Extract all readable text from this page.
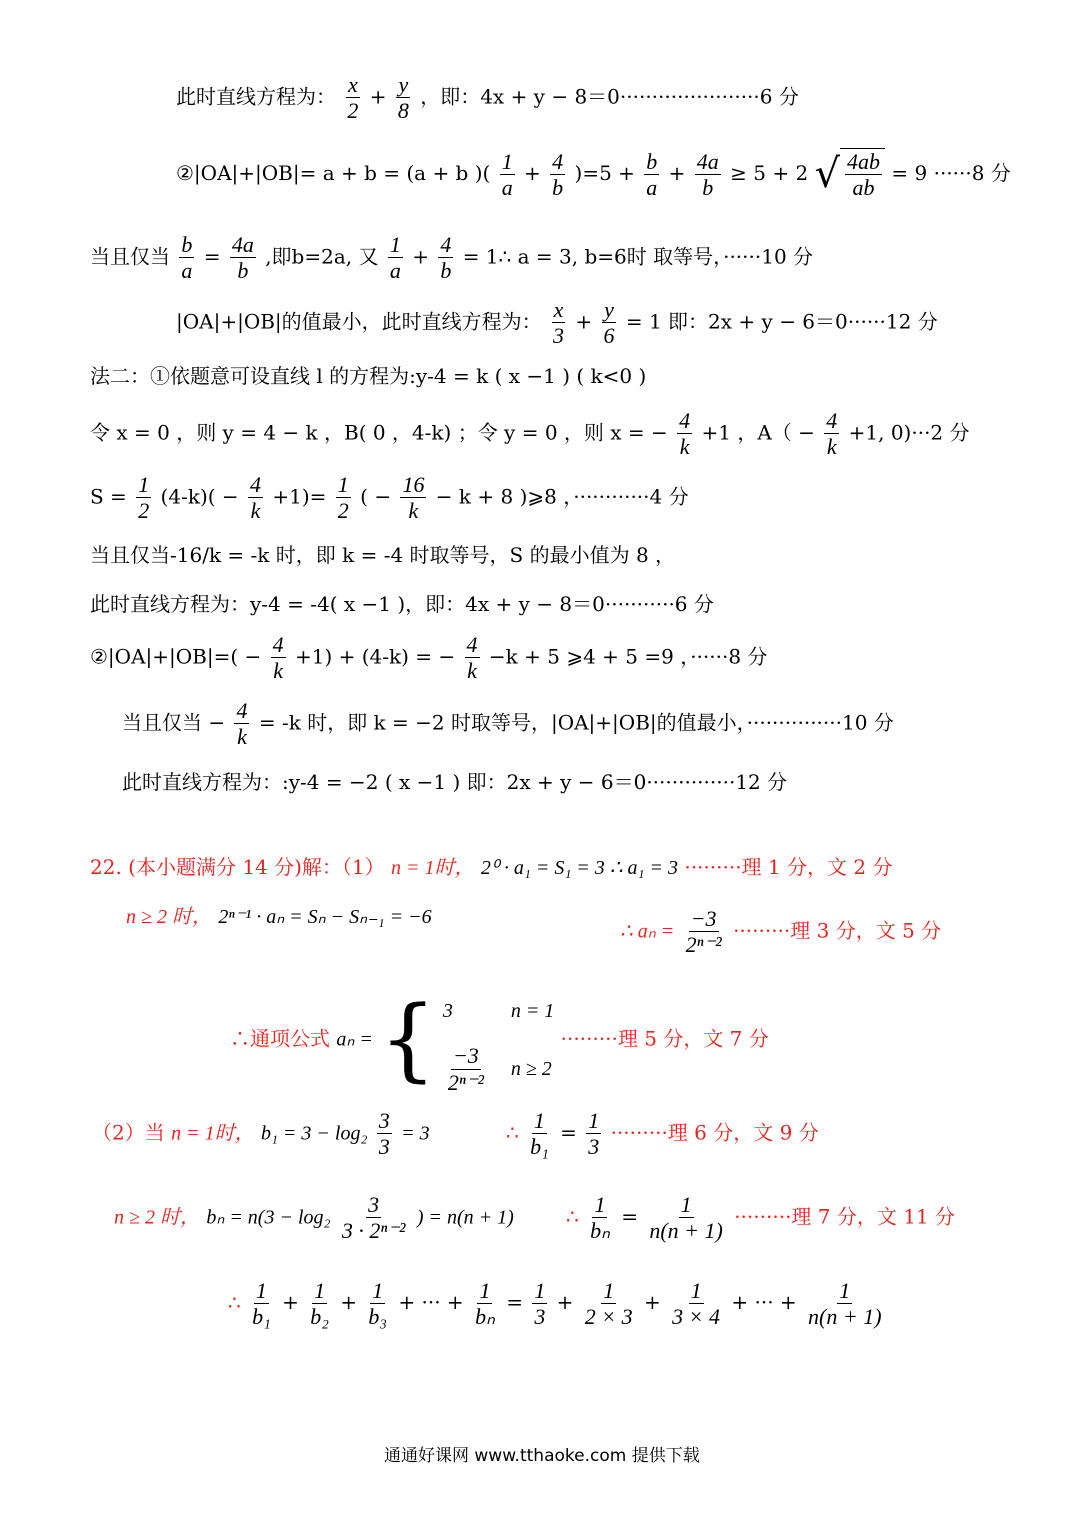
此时直线方程为： $\frac{x}{2} + \frac{y}{8}$ ，即：4x + y − 8＝0······················6 分
②|OA|+|OB|= a + b = (a + b )( $\frac{1}{a} + \frac{4}{b} )=5 + \frac{b}{a} + \frac{4a}{b} \ge 5 + 2$ √ $\frac{4ab}{ab} = 9 \cdot\cdot\cdot\cdot\cdot\cdot 8$ 分
当且仅当 $\frac{b}{a} = \frac{4a}{b}$ ,即b=2a, 又 $\frac{1}{a} + \frac{4}{b}$ = 1∴ a = 3, b=6时 取等号，······10 分
|OA|+|OB|的值最小，此时直线方程为： $\frac{x}{3} + \frac{y}{6} = 1$ 即：2x + y − 6＝0······12 分
法二：①依题意可设直线 l 的方程为:y-4 = k ( x −1 ) ( k<0 )
令 x = 0 ，则 y = 4 − k ，B( 0 ，4-k) ；令 y = 0 ，则 x = − $\frac{4}{k} +1$ ，$A( - \frac{4}{k} +1$, 0)···2 分
$S = \frac{1}{2} (4-k)( - \frac{4}{k} +1)= \frac{1}{2}$ ( − $\frac{16}{k} - k + 8$ )⩾8 ，············4 分
当且仅当-16/k = -k 时，即 k = -4 时取等号，S 的最小值为 8 ，
此时直线方程为：y-4 = -4( x −1 )，即：4x + y − 8＝0···········6 分
②|OA|+|OB|=( − $\frac{4}{k} +1) + (4-k)$ = − $\frac{4}{k} -k + 5$ ⩾4 + 5 =9 ，······8 分
当且仅当 − $\frac{4}{k} = -k$ 时，即 k = −2 时取等号，|OA|+|OB|的值最小，···············10 分
此时直线方程为：:y-4 = −2 ( x −1 ) 即：2x + y − 6＝0··············12 分
22. (本小题满分 14 分)解：（1） n = 1时， 2⁰ · a₁ = S₁ = 3 ∴ a₁ = 3 ·········理 1 分，文 2 分
n ≥ 2 时， 2ⁿ⁻¹ · aₙ = Sₙ − Sₙ₋₁ = −6
∴ $a_n = \frac{-3}{\text{2ⁿ⁻²}}$ ·········理 3 分，文 5 分
∴通项公式 aₙ = { 3	n = 1
$\frac{-3}{\text{2ⁿ⁻²}}$ n ≥ 2
·········理 5 分，文 7 分
（2）当 n = 1时， $b_1 = 3 - \log_2 \frac{3}{3} = 3$	∴ $\frac{1}{\text{b₁}} = \frac{1}{3}$ ·········理 6 分，文 9 分
n ≥ 2 时， $b_n = n(3 - \log_2 \frac{3}{\text{3 · 2ⁿ⁻²}}$ ) = n(n + 1)	∴ $\frac{1}{\text{bₙ}} = \frac{1}{n(n + 1)}$ ·········理 7 分，文 11 分
∴ $\frac{1}{\text{b₁}} + \frac{1}{\text{b₂}} + \frac{1}{\text{b₃}}$ + ··· + $\frac{1}{\text{bₙ}} = \frac{1}{3} + \frac{1}{2 \times 3} + \frac{1}{3 \times 4}$ + ··· + $\frac{1}{n(n + 1)}$
通通好课网 www.tthaoke.com 提供下载
